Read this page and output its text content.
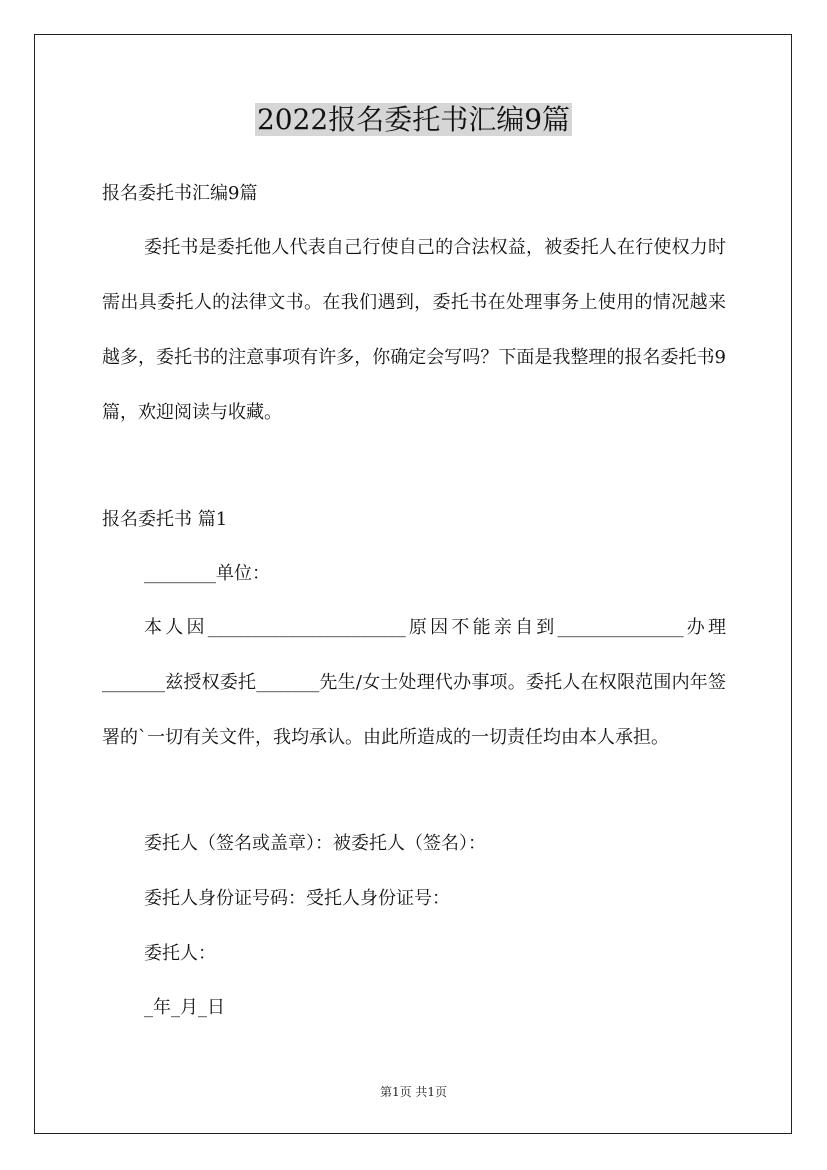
2022报名委托书汇编9篇
报名委托书汇编9篇
委托书是委托他人代表自己行使自己的合法权益，被委托人在行使权力时需出具委托人的法律文书。在我们遇到，委托书在处理事务上使用的情况越来越多，委托书的注意事项有许多，你确定会写吗？下面是我整理的报名委托书9篇，欢迎阅读与收藏。
报名委托书 篇1
________单位：
本人因______________________原因不能亲自到______________办理_______兹授权委托_______先生/女士处理代办事项。委托人在权限范围内年签署的`一切有关文件，我均承认。由此所造成的一切责任均由本人承担。
委托人（签名或盖章）：被委托人（签名）：
委托人身份证号码：受托人身份证号：
委托人：
_年_月_日
第1页 共1页
